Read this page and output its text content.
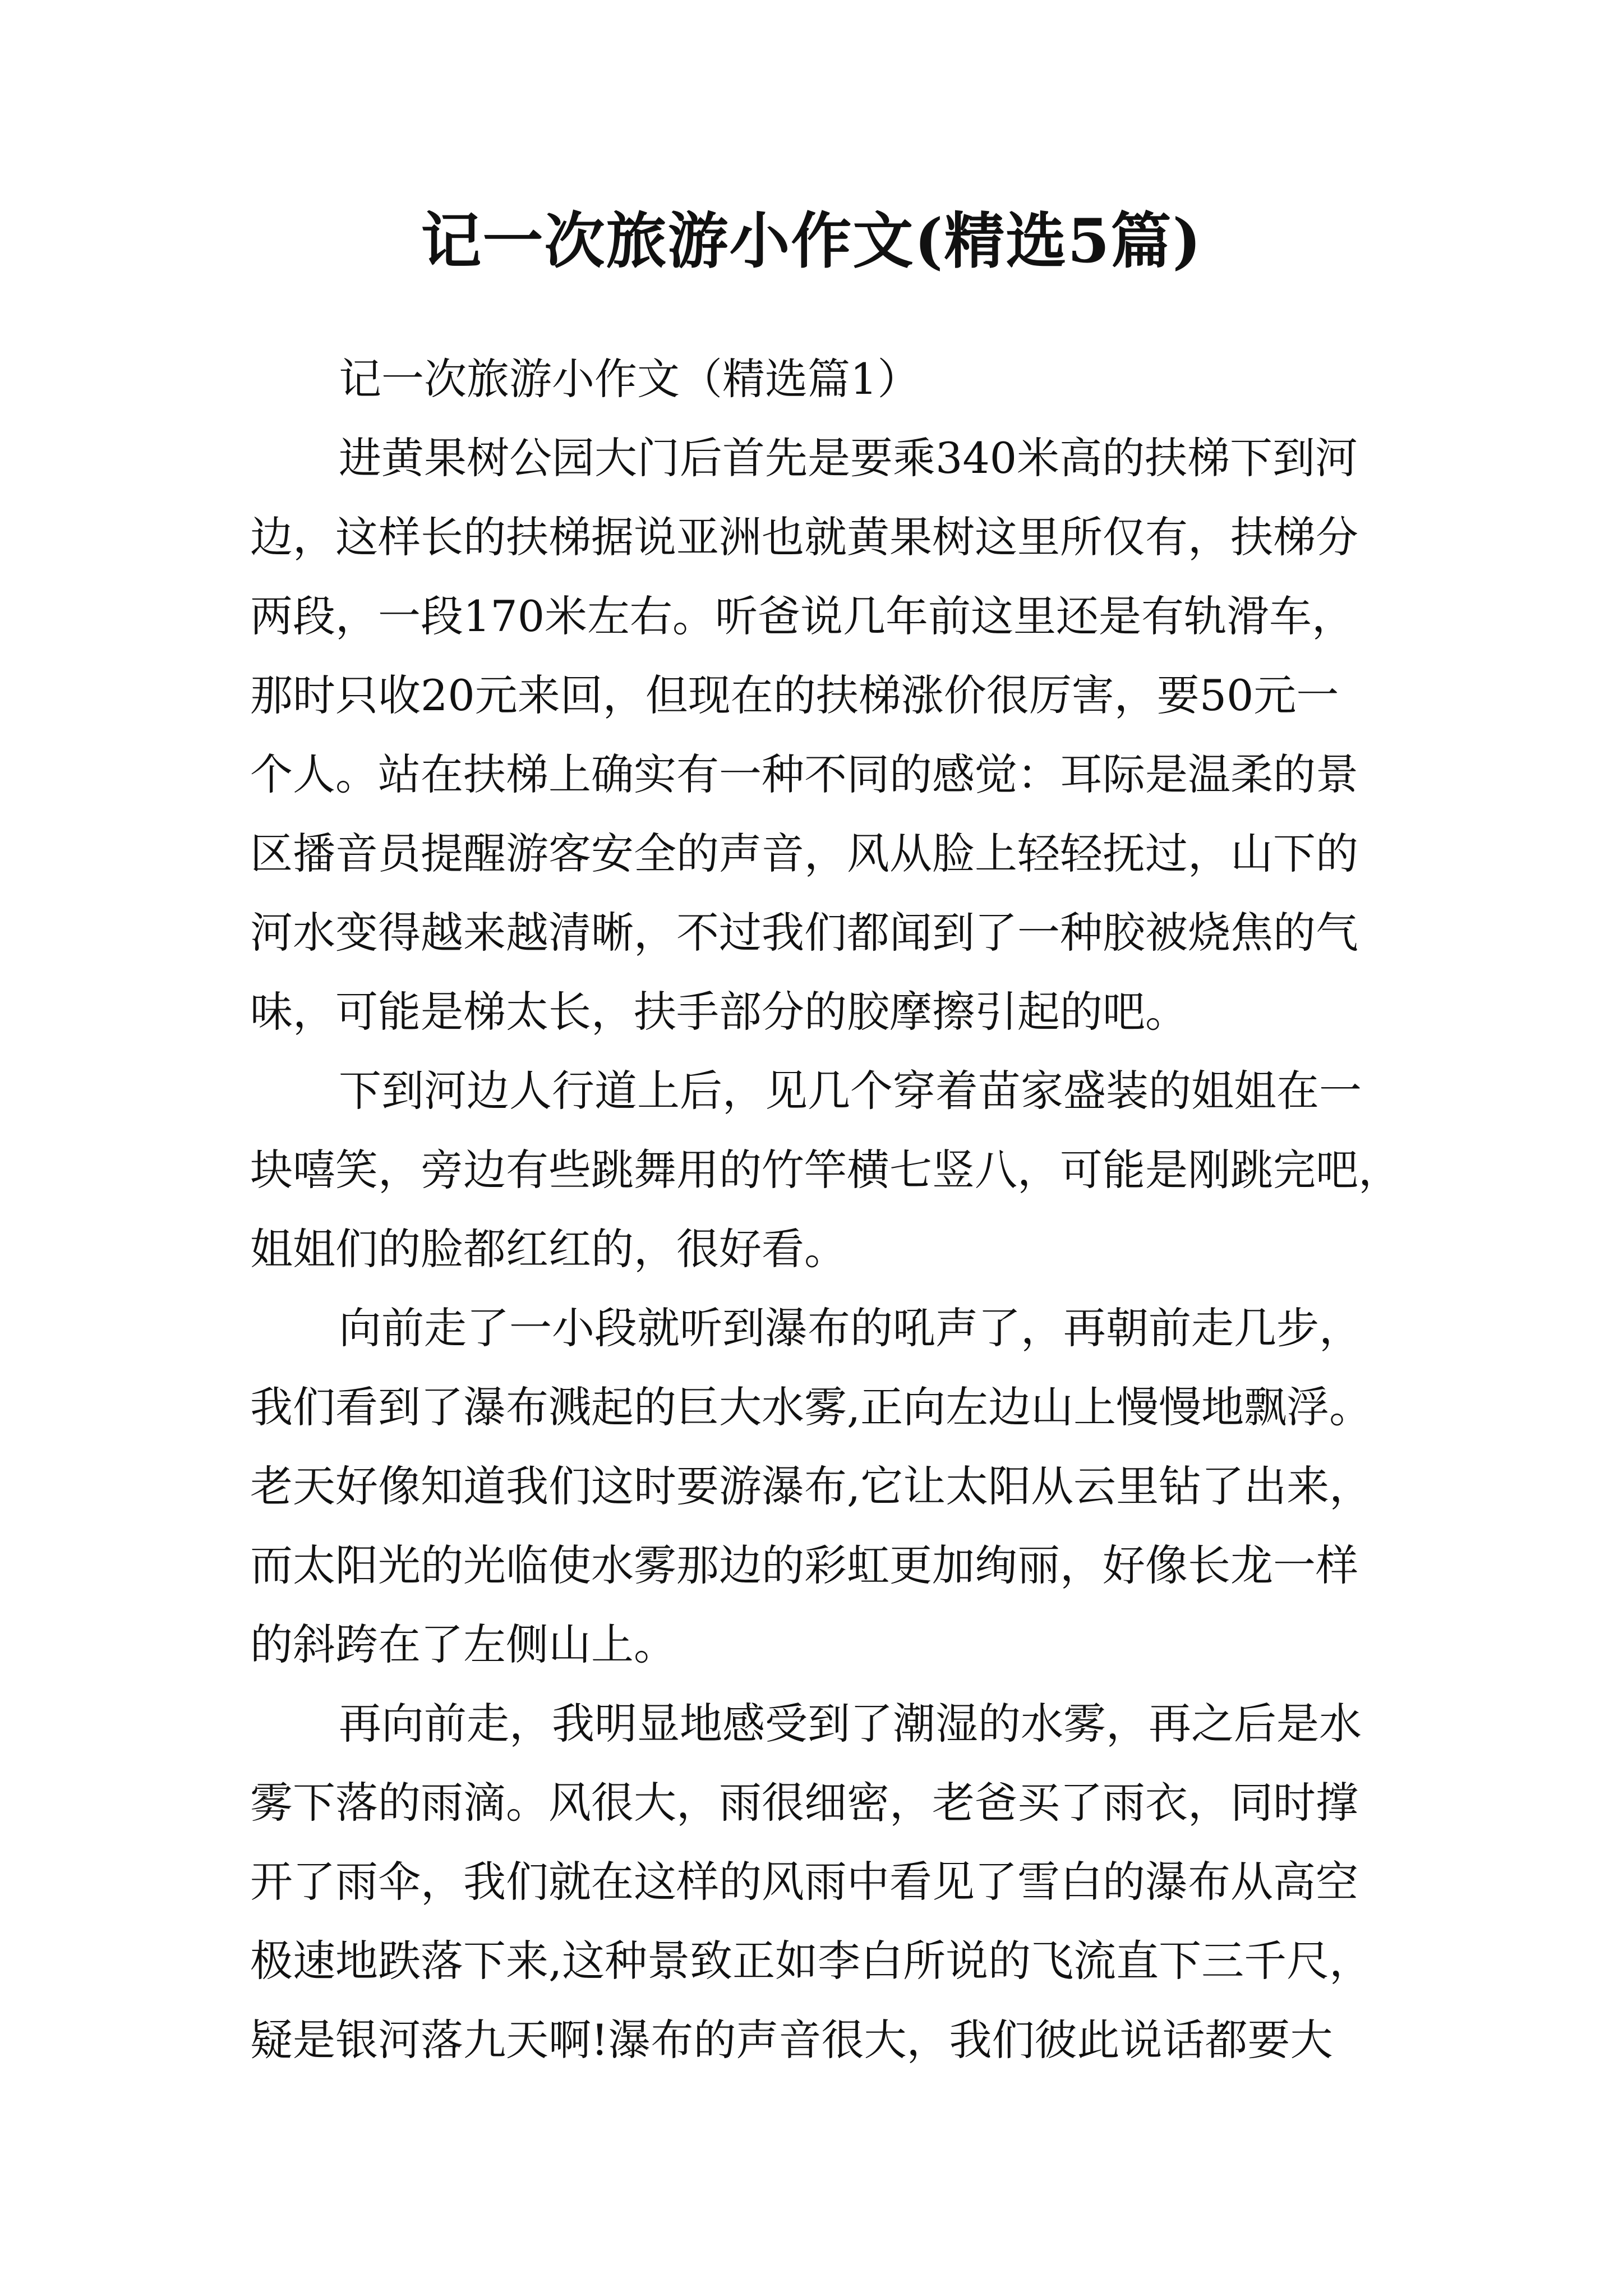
记一次旅游小作文(精选5篇)

记一次旅游小作文（精选篇1）

进黄果树公园大门后首先是要乘340米高的扶梯下到河
边，这样长的扶梯据说亚洲也就黄果树这里所仅有，扶梯分
两段，一段170米左右。听爸说几年前这里还是有轨滑车，
那时只收20元来回，但现在的扶梯涨价很厉害，要50元一
个人。站在扶梯上确实有一种不同的感觉：耳际是温柔的景
区播音员提醒游客安全的声音，风从脸上轻轻抚过，山下的
河水变得越来越清晰，不过我们都闻到了一种胶被烧焦的气
味，可能是梯太长，扶手部分的胶摩擦引起的吧。

下到河边人行道上后，见几个穿着苗家盛装的姐姐在一
块嘻笑，旁边有些跳舞用的竹竿横七竖八，可能是刚跳完吧，
姐姐们的脸都红红的，很好看。

向前走了一小段就听到瀑布的吼声了，再朝前走几步，
我们看到了瀑布溅起的巨大水雾,正向左边山上慢慢地飘浮。
老天好像知道我们这时要游瀑布,它让太阳从云里钻了出来，
而太阳光的光临使水雾那边的彩虹更加绚丽，好像长龙一样
的斜跨在了左侧山上。

再向前走，我明显地感受到了潮湿的水雾，再之后是水
雾下落的雨滴。风很大，雨很细密，老爸买了雨衣，同时撑
开了雨伞，我们就在这样的风雨中看见了雪白的瀑布从高空
极速地跌落下来,这种景致正如李白所说的飞流直下三千尺，
疑是银河落九天啊!瀑布的声音很大，我们彼此说话都要大
